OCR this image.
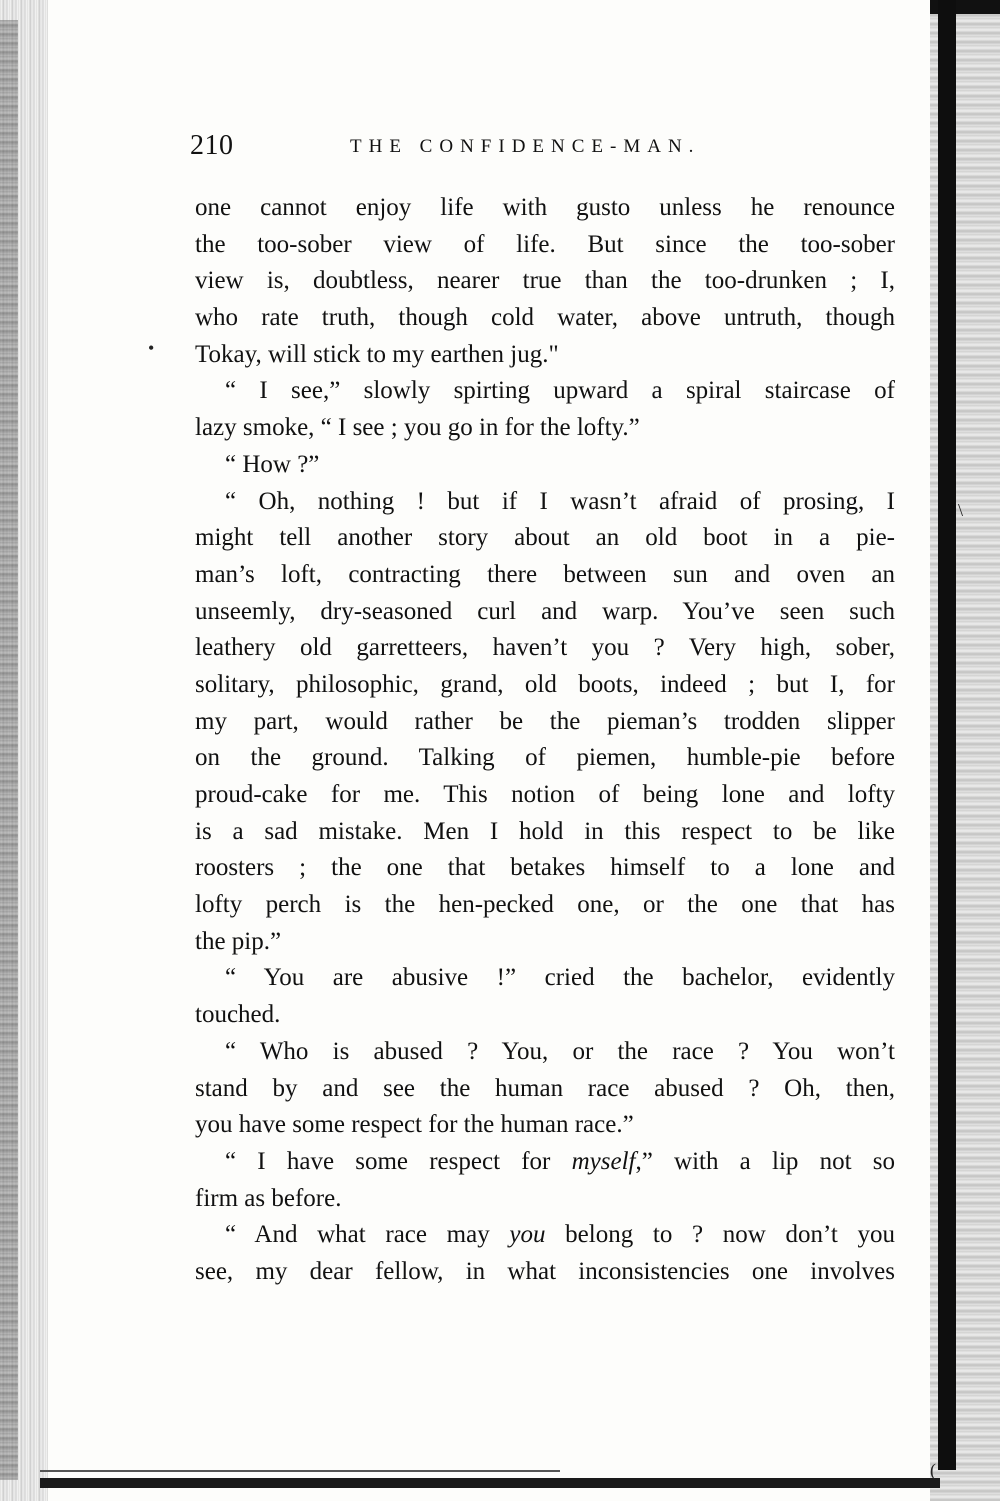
210	THE CONFIDENCE-MAN.
one cannot enjoy life with gusto unless he renounce
the too-sober view of life. But since the too-sober
view is, doubtless, nearer true than the too-drunken ; I,
who rate truth, though cold water, above untruth, though
Tokay, will stick to my earthen jug."
“ I see,” slowly spirting upward a spiral staircase of
lazy smoke, “ I see ; you go in for the lofty.”
“ How ?”
“ Oh, nothing ! but if I wasn’t afraid of prosing, I
might tell another story about an old boot in a pie-
man’s loft, contracting there between sun and oven an
unseemly, dry-seasoned curl and warp. You’ve seen such
leathery old garretteers, haven’t you ? Very high, sober,
solitary, philosophic, grand, old boots, indeed ; but I, for
my part, would rather be the pieman’s trodden slipper
on the ground. Talking of piemen, humble-pie before
proud-cake for me. This notion of being lone and lofty
is a sad mistake. Men I hold in this respect to be like
roosters ; the one that betakes himself to a lone and
lofty perch is the hen-pecked one, or the one that has
the pip.”
“ You are abusive !” cried the bachelor, evidently
touched.
“ Who is abused ? You, or the race ? You won’t
stand by and see the human race abused ? Oh, then,
you have some respect for the human race.”
“ I have some respect for myself,” with a lip not so
firm as before.
“ And what race may you belong to ? now don’t you
see, my dear fellow, in what inconsistencies one involves
•
\
(
